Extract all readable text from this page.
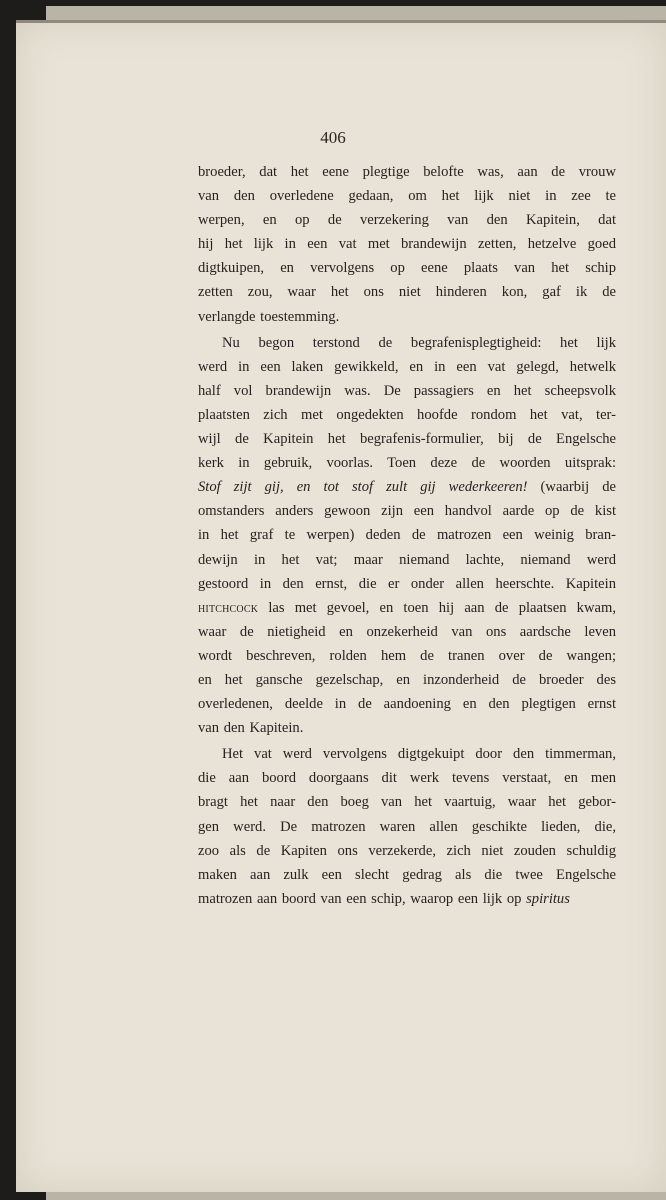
406
broeder, dat het eene plegtige belofte was, aan de vrouw
van den overledene gedaan, om het lijk niet in zee te
werpen, en op de verzekering van den Kapitein, dat
hij het lijk in een vat met brandewijn zetten, hetzelve goed
digtkuipen, en vervolgens op eene plaats van het schip
zetten zou, waar het ons niet hinderen kon, gaf ik de
verlangde toestemming.
Nu begon terstond de begrafenisplegtigheid: het lijk
werd in een laken gewikkeld, en in een vat gelegd, hetwelk
half vol brandewijn was. De passagiers en het scheepsvolk
plaatsten zich met ongedekten hoofde rondom het vat, ter-
wijl de Kapitein het begrafenis-formulier, bij de Engelsche
kerk in gebruik, voorlas. Toen deze de woorden uitsprak:
Stof zijt gij, en tot stof zult gij wederkeeren! (waarbij de
omstanders anders gewoon zijn een handvol aarde op de kist
in het graf te werpen) deden de matrozen een weinig bran-
dewijn in het vat; maar niemand lachte, niemand werd
gestoord in den ernst, die er onder allen heerschte. Kapitein
hitchcock las met gevoel, en toen hij aan de plaatsen kwam,
waar de nietigheid en onzekerheid van ons aardsche leven
wordt beschreven, rolden hem de tranen over de wangen;
en het gansche gezelschap, en inzonderheid de broeder des
overledenen, deelde in de aandoening en den plegtigen ernst
van den Kapitein.
Het vat werd vervolgens digtgekuipt door den timmerman,
die aan boord doorgaans dit werk tevens verstaat, en men
bragt het naar den boeg van het vaartuig, waar het gebor-
gen werd. De matrozen waren allen geschikte lieden, die,
zoo als de Kapiten ons verzekerde, zich niet zouden schuldig
maken aan zulk een slecht gedrag als die twee Engelsche
matrozen aan boord van een schip, waarop een lijk op spiritus
